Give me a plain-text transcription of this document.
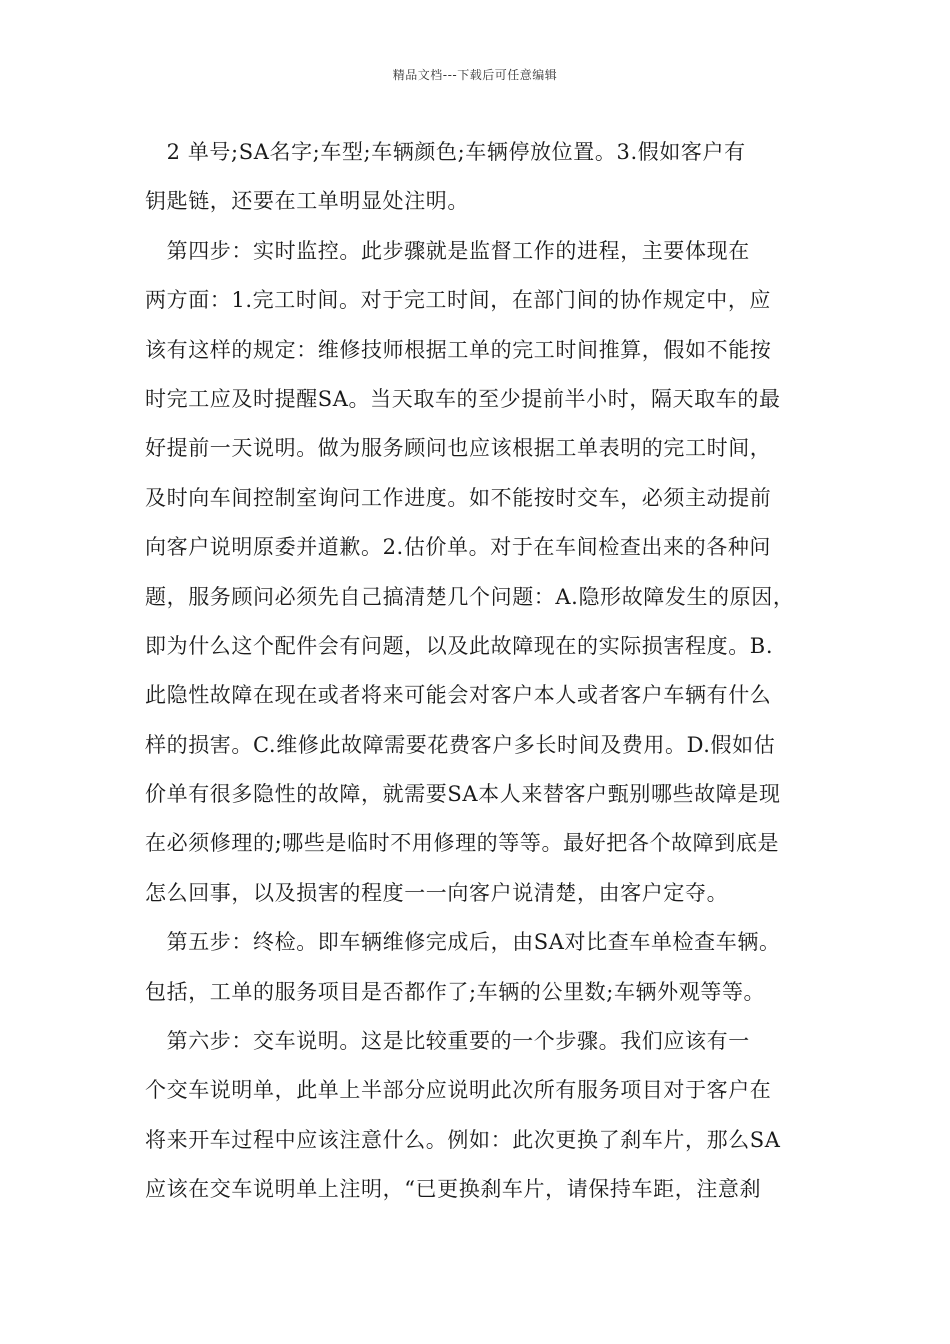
精品文档---下载后可任意编辑
　2 单号;SA名字;车型;车辆颜色;车辆停放位置。3.假如客户有
钥匙链，还要在工单明显处注明。
　第四步：实时监控。此步骤就是监督工作的进程，主要体现在
两方面：1.完工时间。对于完工时间，在部门间的协作规定中，应
该有这样的规定：维修技师根据工单的完工时间推算，假如不能按
时完工应及时提醒SA。当天取车的至少提前半小时，隔天取车的最
好提前一天说明。做为服务顾问也应该根据工单表明的完工时间，
及时向车间控制室询问工作进度。如不能按时交车，必须主动提前
向客户说明原委并道歉。2.估价单。对于在车间检查出来的各种问
题，服务顾问必须先自己搞清楚几个问题：A.隐形故障发生的原因，
即为什么这个配件会有问题，以及此故障现在的实际损害程度。B.
此隐性故障在现在或者将来可能会对客户本人或者客户车辆有什么
样的损害。C.维修此故障需要花费客户多长时间及费用。D.假如估
价单有很多隐性的故障，就需要SA本人来替客户甄别哪些故障是现
在必须修理的;哪些是临时不用修理的等等。最好把各个故障到底是
怎么回事，以及损害的程度一一向客户说清楚，由客户定夺。
　第五步：终检。即车辆维修完成后，由SA对比查车单检查车辆。
包括，工单的服务项目是否都作了;车辆的公里数;车辆外观等等。
　第六步：交车说明。这是比较重要的一个步骤。我们应该有一
个交车说明单，此单上半部分应说明此次所有服务项目对于客户在
将来开车过程中应该注意什么。例如：此次更换了刹车片，那么SA
应该在交车说明单上注明，“已更换刹车片，请保持车距，注意刹
